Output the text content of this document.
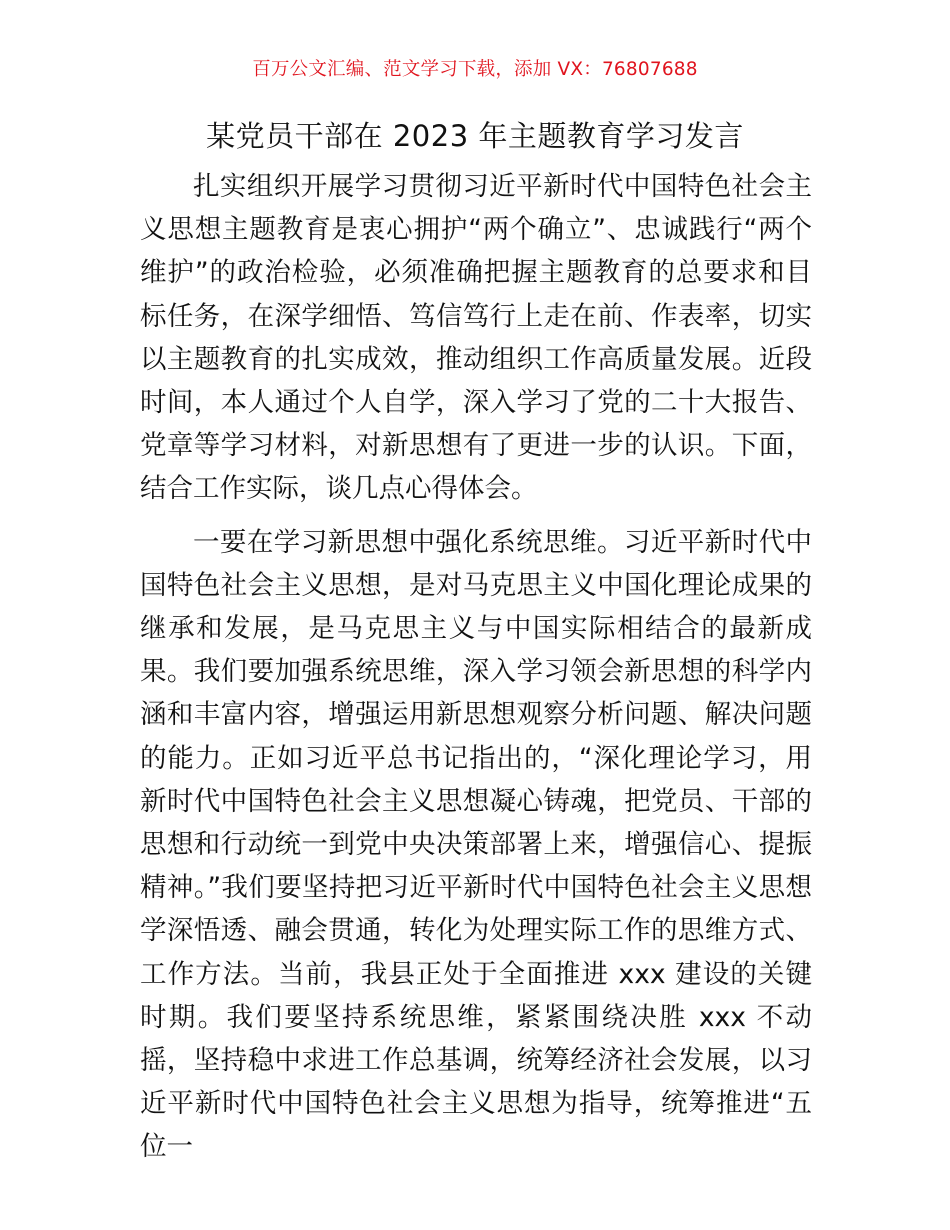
百万公文汇编、范文学习下载，添加 VX：76807688
某党员干部在 2023 年主题教育学习发言

扎实组织开展学习贯彻习近平新时代中国特色社会主义思想主题教育是衷心拥护“两个确立”、忠诚践行“两个维护”的政治检验，必须准确把握主题教育的总要求和目标任务，在深学细悟、笃信笃行上走在前、作表率，切实以主题教育的扎实成效，推动组织工作高质量发展。近段时间，本人通过个人自学，深入学习了党的二十大报告、党章等学习材料，对新思想有了更进一步的认识。下面，结合工作实际，谈几点心得体会。

一要在学习新思想中强化系统思维。习近平新时代中国特色社会主义思想，是对马克思主义中国化理论成果的继承和发展，是马克思主义与中国实际相结合的最新成果。我们要加强系统思维，深入学习领会新思想的科学内涵和丰富内容，增强运用新思想观察分析问题、解决问题的能力。正如习近平总书记指出的，“深化理论学习，用新时代中国特色社会主义思想凝心铸魂，把党员、干部的思想和行动统一到党中央决策部署上来，增强信心、提振精神。”我们要坚持把习近平新时代中国特色社会主义思想学深悟透、融会贯通，转化为处理实际工作的思维方式、工作方法。当前，我县正处于全面推进 xxx 建设的关键时期。我们要坚持系统思维，紧紧围绕决胜 xxx 不动摇，坚持稳中求进工作总基调，统筹经济社会发展，以习近平新时代中国特色社会主义思想为指导，统筹推进“五位一
